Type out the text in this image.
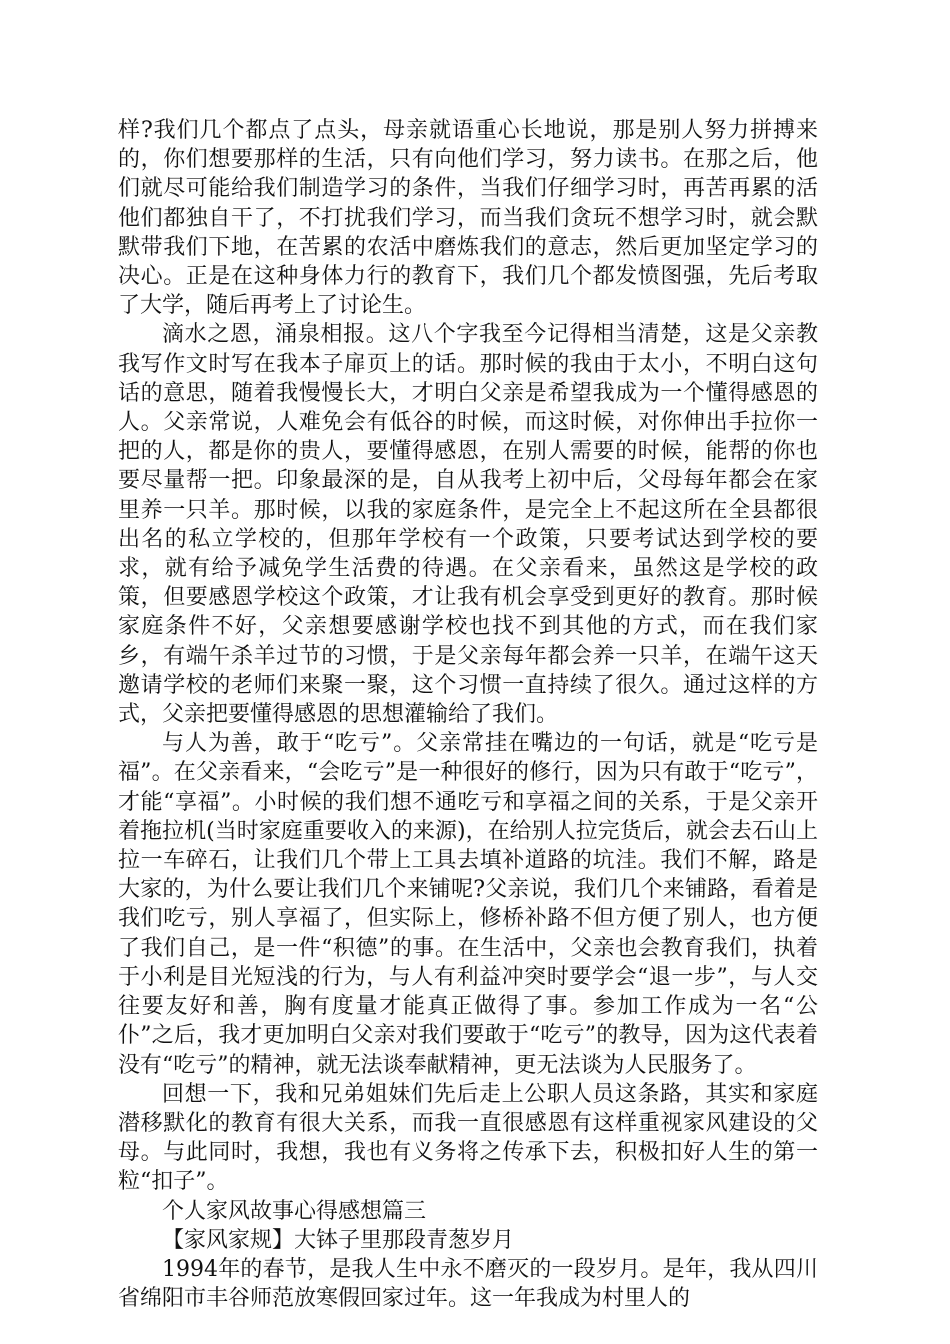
样?我们几个都点了点头，母亲就语重心长地说，那是别人努力拼搏来的，你们想要那样的生活，只有向他们学习，努力读书。在那之后，他们就尽可能给我们制造学习的条件，当我们仔细学习时，再苦再累的活他们都独自干了，不打扰我们学习，而当我们贪玩不想学习时，就会默默带我们下地，在苦累的农活中磨炼我们的意志，然后更加坚定学习的决心。正是在这种身体力行的教育下，我们几个都发愤图强，先后考取了大学，随后再考上了讨论生。

滴水之恩，涌泉相报。这八个字我至今记得相当清楚，这是父亲教我写作文时写在我本子扉页上的话。那时候的我由于太小，不明白这句话的意思，随着我慢慢长大，才明白父亲是希望我成为一个懂得感恩的人。父亲常说，人难免会有低谷的时候，而这时候，对你伸出手拉你一把的人，都是你的贵人，要懂得感恩，在别人需要的时候，能帮的你也要尽量帮一把。印象最深的是，自从我考上初中后，父母每年都会在家里养一只羊。那时候，以我的家庭条件，是完全上不起这所在全县都很出名的私立学校的，但那年学校有一个政策，只要考试达到学校的要求，就有给予减免学生活费的待遇。在父亲看来，虽然这是学校的政策，但要感恩学校这个政策，才让我有机会享受到更好的教育。那时候家庭条件不好，父亲想要感谢学校也找不到其他的方式，而在我们家乡，有端午杀羊过节的习惯，于是父亲每年都会养一只羊，在端午这天邀请学校的老师们来聚一聚，这个习惯一直持续了很久。通过这样的方式，父亲把要懂得感恩的思想灌输给了我们。

与人为善，敢于“吃亏”。父亲常挂在嘴边的一句话，就是“吃亏是福”。在父亲看来，“会吃亏”是一种很好的修行，因为只有敢于“吃亏”，才能“享福”。小时候的我们想不通吃亏和享福之间的关系，于是父亲开着拖拉机(当时家庭重要收入的来源)，在给别人拉完货后，就会去石山上拉一车碎石，让我们几个带上工具去填补道路的坑洼。我们不解，路是大家的，为什么要让我们几个来铺呢?父亲说，我们几个来铺路，看着是我们吃亏，别人享福了，但实际上，修桥补路不但方便了别人，也方便了我们自己，是一件“积德”的事。在生活中，父亲也会教育我们，执着于小利是目光短浅的行为，与人有利益冲突时要学会“退一步”，与人交往要友好和善，胸有度量才能真正做得了事。参加工作成为一名“公仆”之后，我才更加明白父亲对我们要敢于“吃亏”的教导，因为这代表着没有“吃亏”的精神，就无法谈奉献精神，更无法谈为人民服务了。

回想一下，我和兄弟姐妹们先后走上公职人员这条路，其实和家庭潜移默化的教育有很大关系，而我一直很感恩有这样重视家风建设的父母。与此同时，我想，我也有义务将之传承下去，积极扣好人生的第一粒“扣子”。

个人家风故事心得感想篇三

【家风家规】大钵子里那段青葱岁月

1994年的春节，是我人生中永不磨灭的一段岁月。是年，我从四川省绵阳市丰谷师范放寒假回家过年。这一年我成为村里人的
